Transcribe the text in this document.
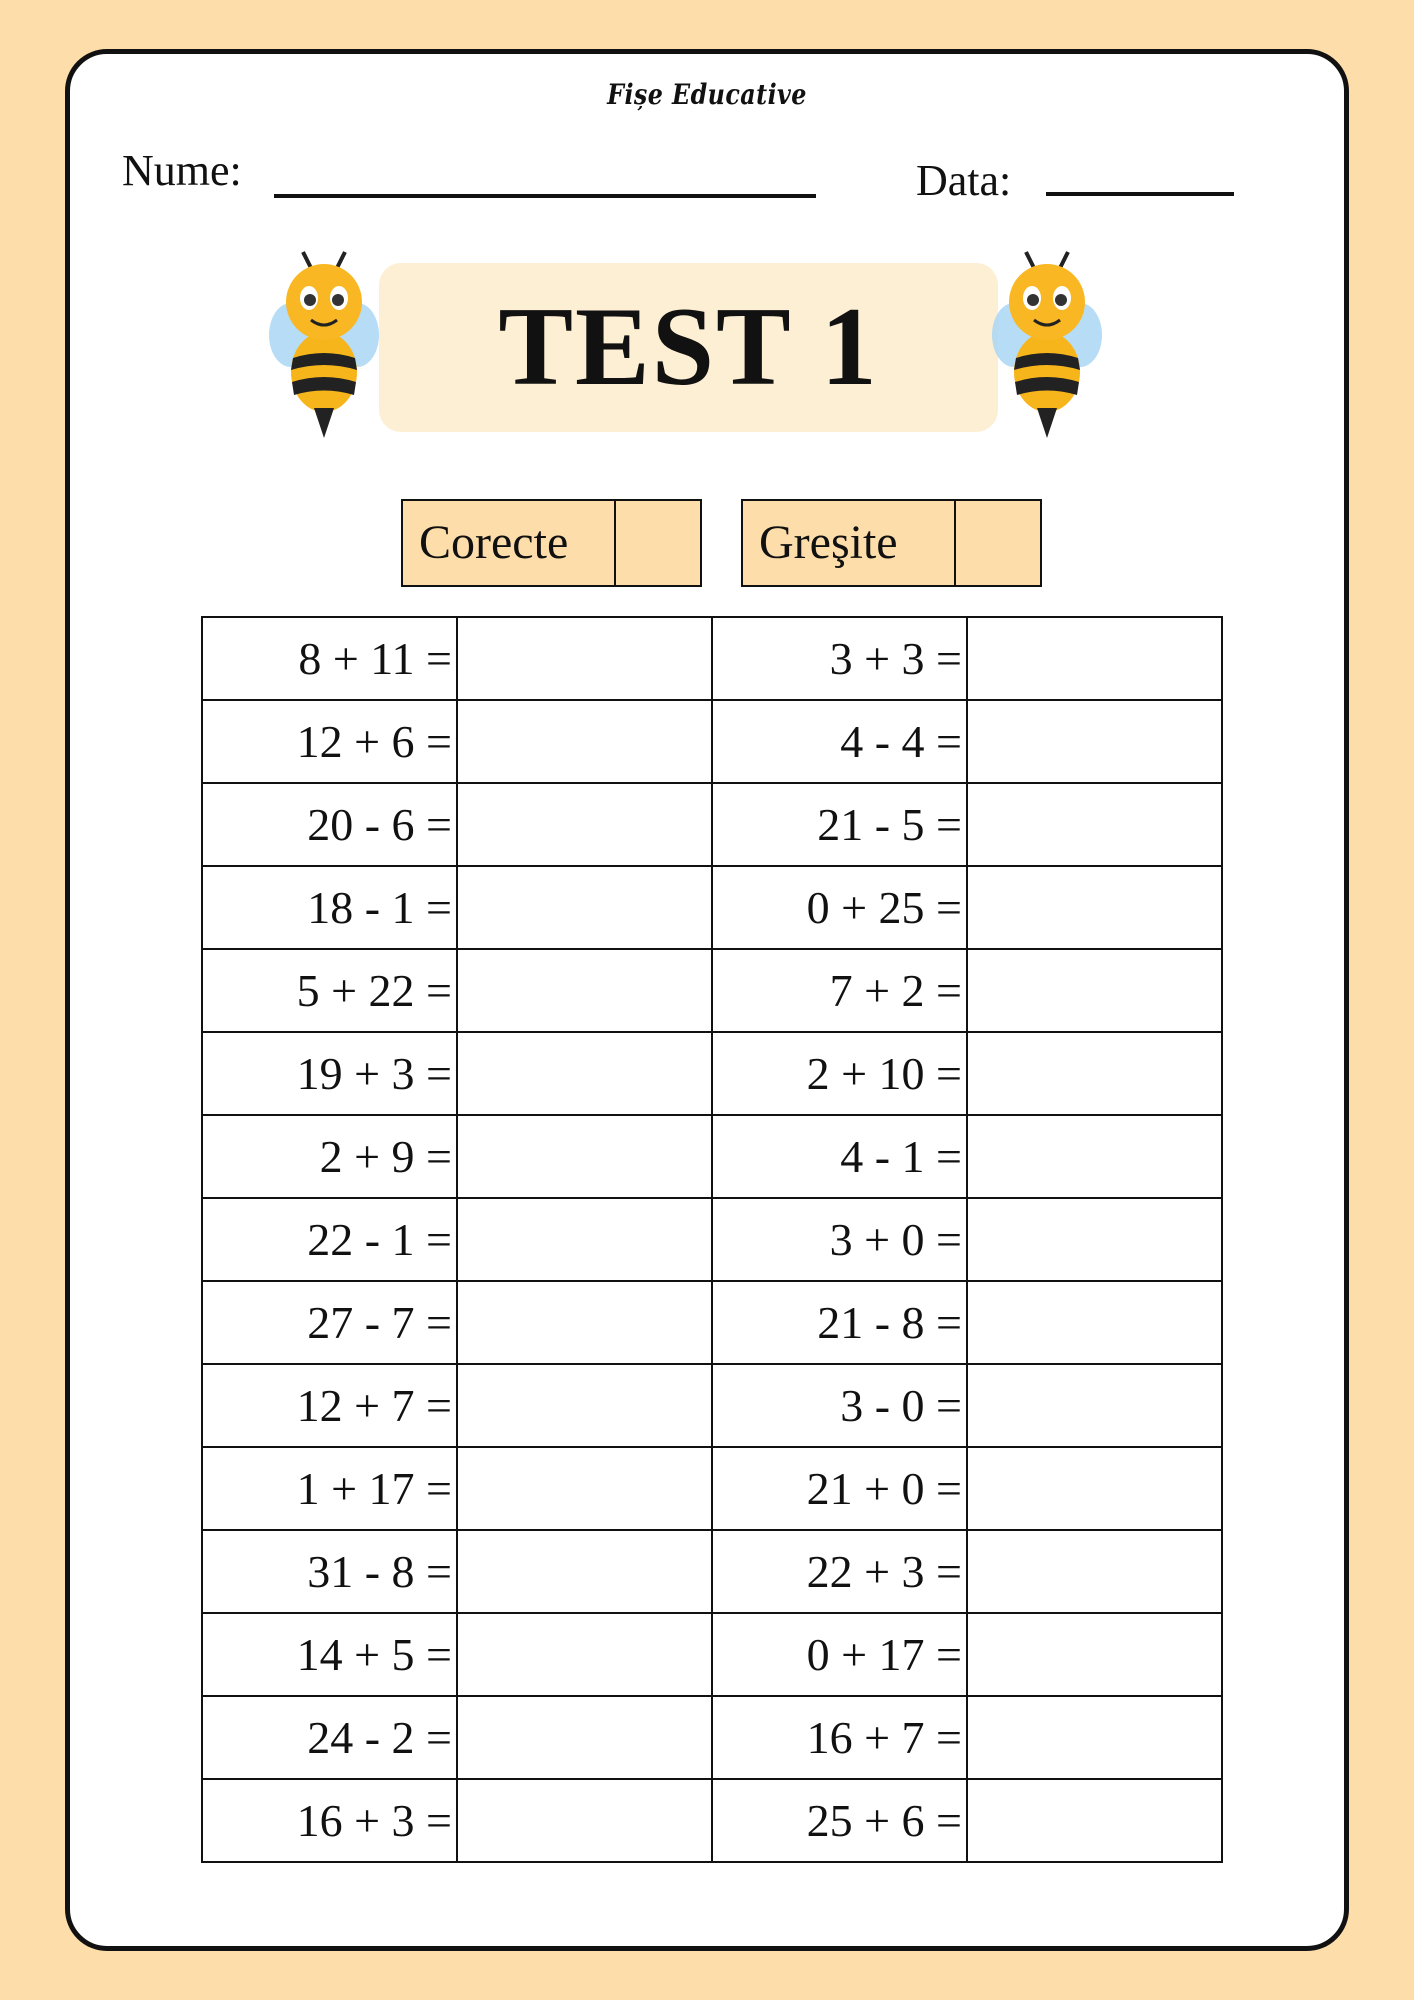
Fișe Educative
Nume:	Data:
TEST 1
Corecte	Greşite
8 + 11 =		3 + 3 =	
12 + 6 =		4 - 4 =	
20 - 6 =		21 - 5 =	
18 - 1 =		0 + 25 =	
5 + 22 =		7 + 2 =	
19 + 3 =		2 + 10 =	
2 + 9 =		4 - 1 =	
22 - 1 =		3 + 0 =	
27 - 7 =		21 - 8 =	
12 + 7 =		3 - 0 =	
1 + 17 =		21 + 0 =	
31 - 8 =		22 + 3 =	
14 + 5 =		0 + 17 =	
24 - 2 =		16 + 7 =	
16 + 3 =		25 + 6 =	
